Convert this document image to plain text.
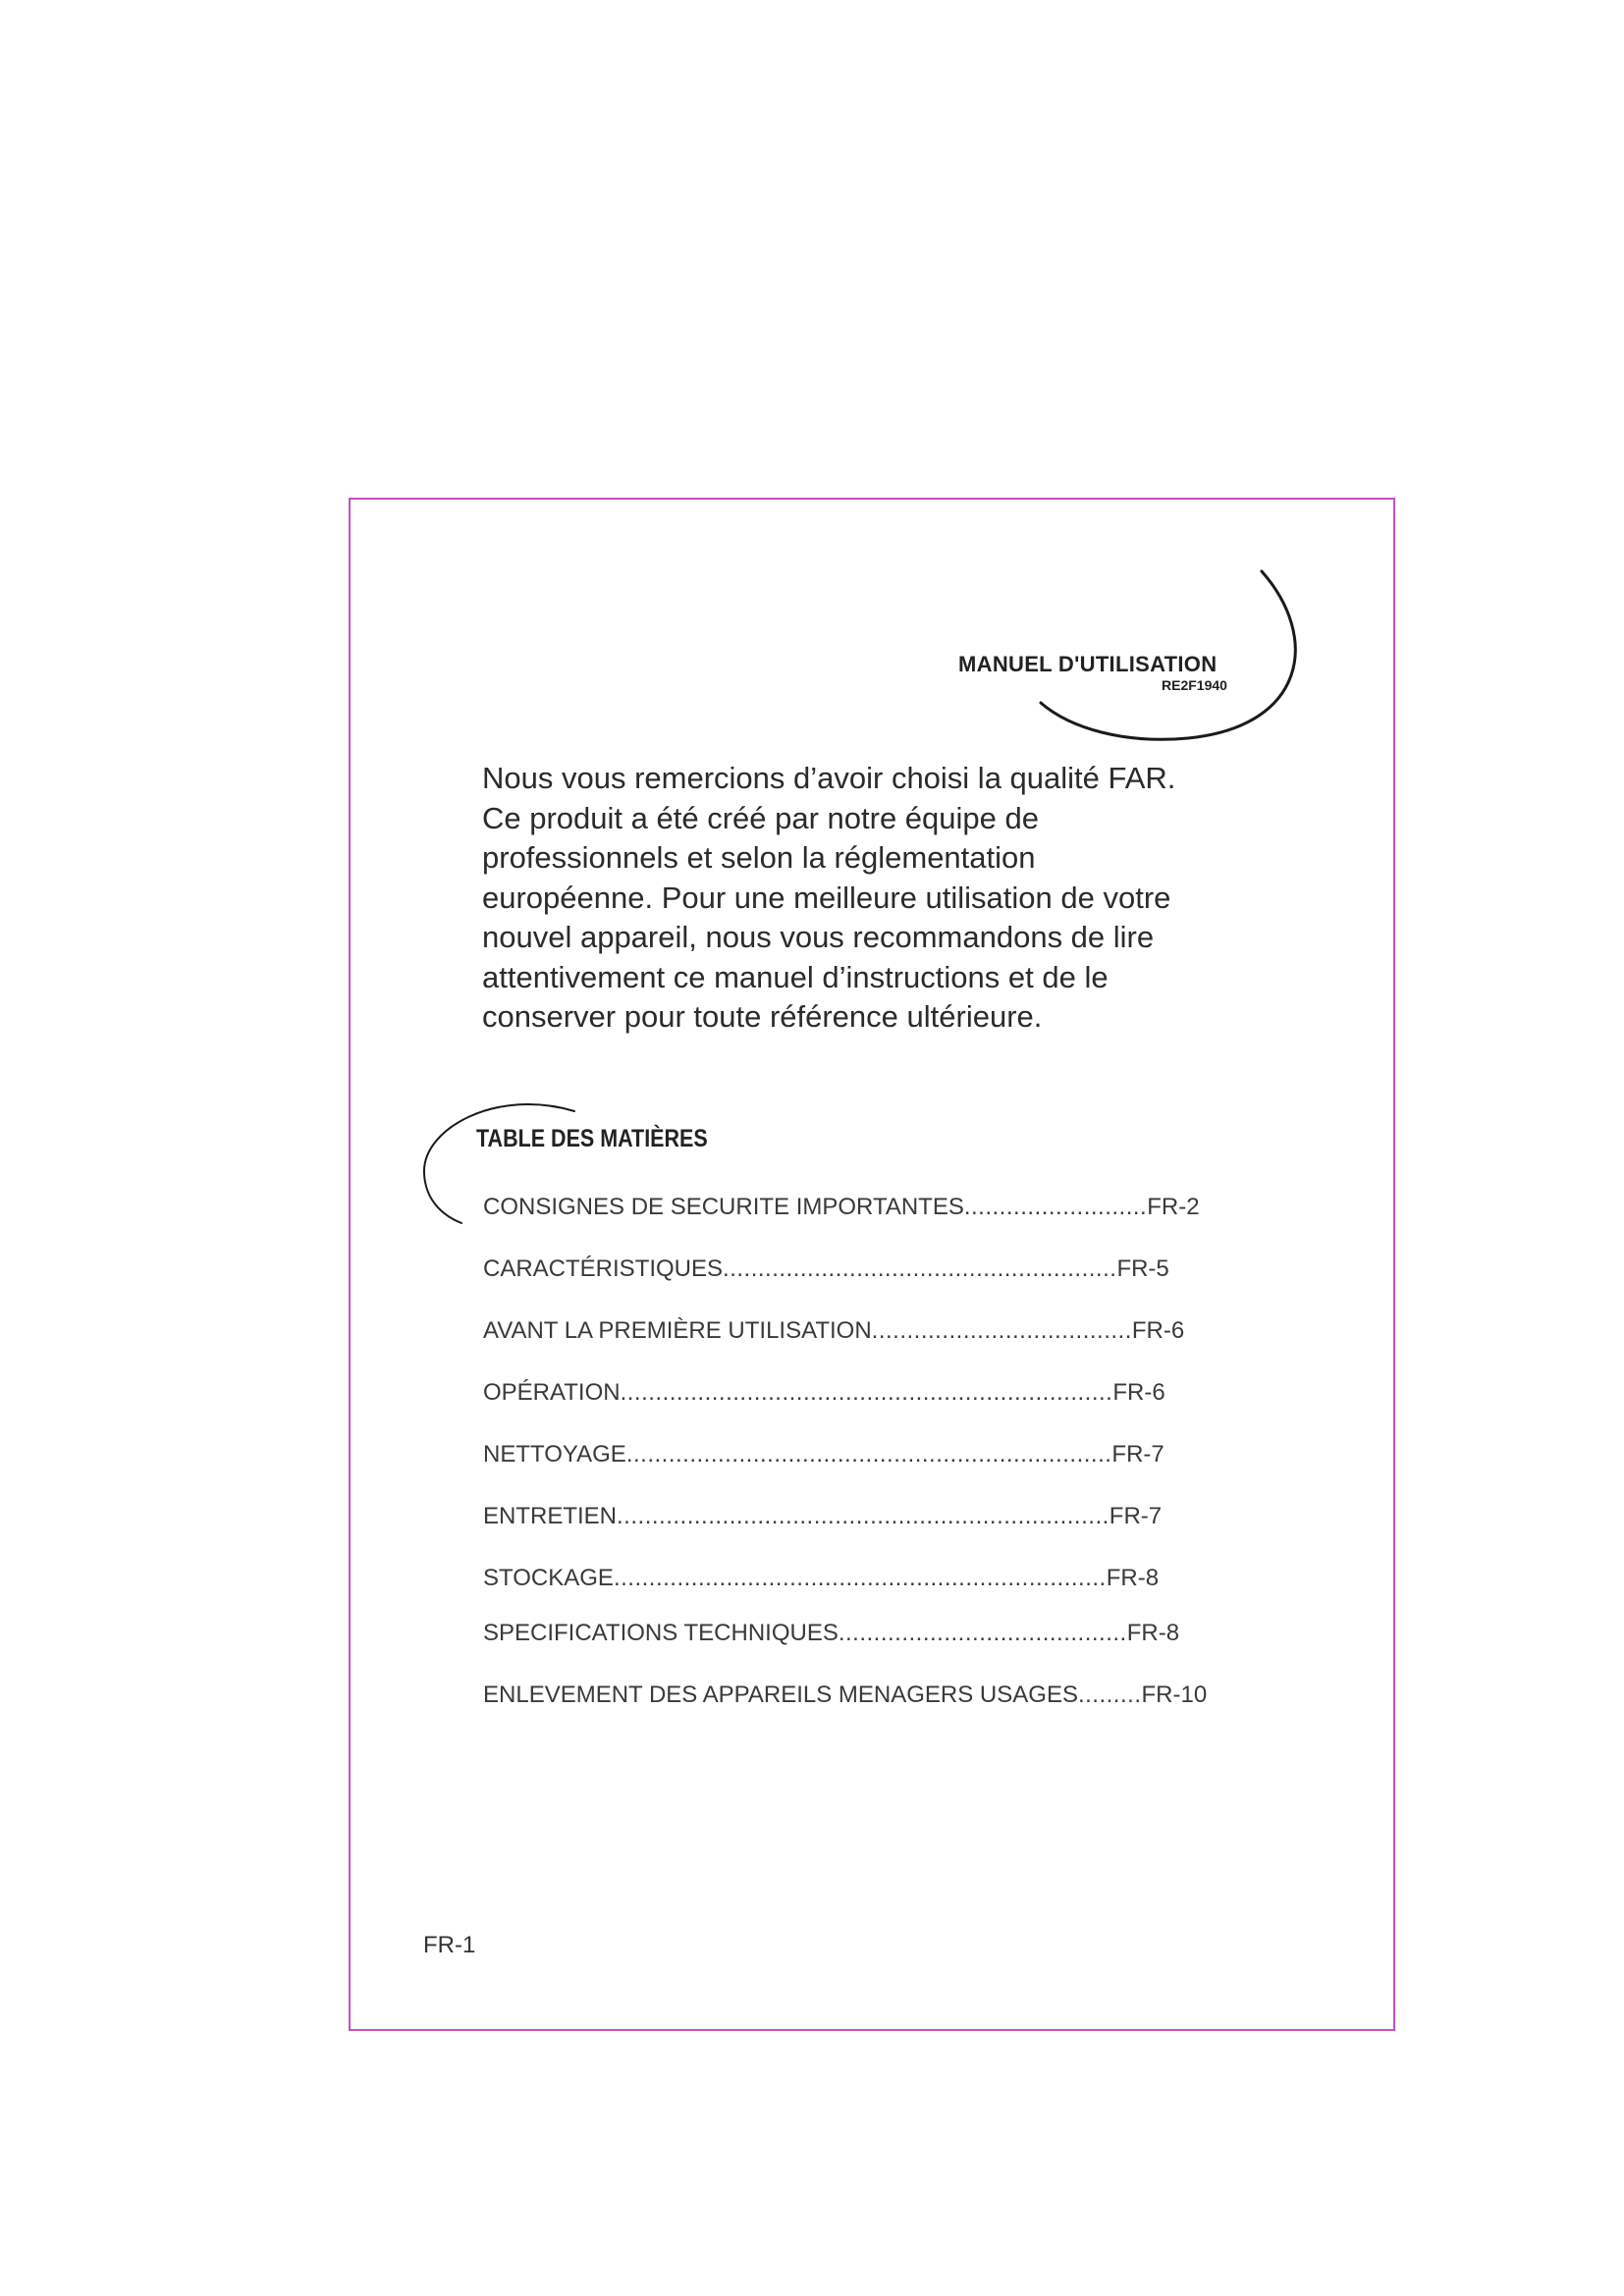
MANUEL D'UTILISATION
RE2F1940

Nous vous remercions d’avoir choisi la qualité FAR.

Ce produit a été créé par notre équipe de

professionnels et selon la réglementation

européenne. Pour une meilleure utilisation de votre

nouvel appareil, nous vous recommandons de lire

attentivement ce manuel d’instructions et de le

conserver pour toute référence ultérieure.

TABLE DES MATIÈRES
CONSIGNES DE SECURITE IMPORTANTES..........................FR-2
CARACTÉRISTIQUES........................................................FR-5
AVANT LA PREMIÈRE UTILISATION.....................................FR-6
OPÉRATION......................................................................FR-6
NETTOYAGE.....................................................................FR-7
ENTRETIEN......................................................................FR-7
STOCKAGE......................................................................FR-8
SPECIFICATIONS TECHNIQUES.........................................FR-8
ENLEVEMENT DES APPAREILS MENAGERS USAGES.........FR-10
FR-1
